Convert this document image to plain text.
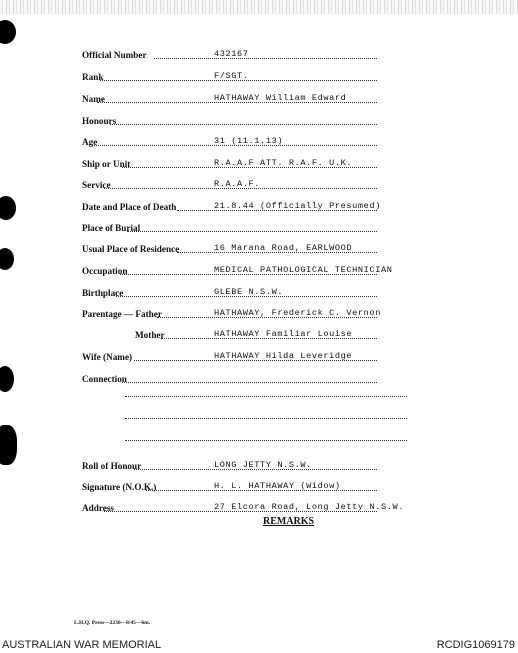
Official Number	432167
Rank	F/SGT.
Name	HATHAWAY William Edward
Honours
Age	31 (11.1.13)
Ship or Unit	R.A.A.F ATT. R.A.F. U.K.
Service	R.A.A.F.
Date and Place of Death	21.8.44 (Officially Presumed)
Place of Burial
Usual Place of Residence	16 Marana Road, EARLWOOD
Occupation	MEDICAL PATHOLOGICAL TECHNICIAN
Birthplace	GLEBE N.S.W.
Parentage — Father	HATHAWAY, Frederick C. Vernon
Mother	HATHAWAY Familiar Louise
Wife (Name)	HATHAWAY Hilda Leveridge
Connection
Roll of Honour	LONG JETTY N.S.W.
Signature (N.O.K.)	H. L. HATHAWAY (Widow)
Address	27 Elcora Road, Long Jetty N.S.W.
REMARKS
L.H.Q. Press—2230—8/45—6m.
AUSTRALIAN WAR MEMORIAL	RCDIG1069179
